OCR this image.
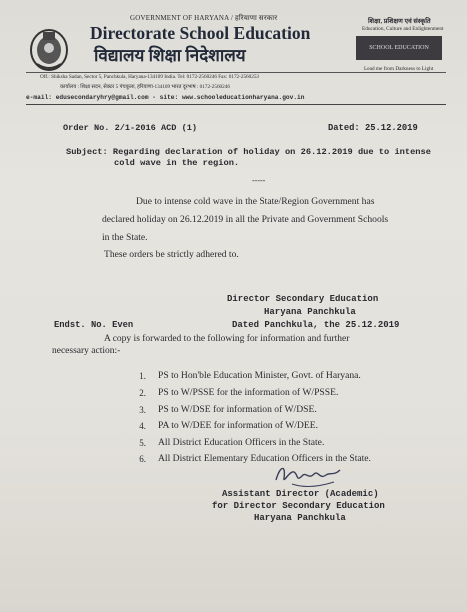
GOVERNMENT OF HARYANA / हरियाणा सरकार
Directorate School Education
विद्यालय शिक्षा निदेशालय
शिक्षा, प्रशिक्षण एवं संस्कृति
Education, Culture and Enlightenment
SCHOOL EDUCATION
Lead me from Darkness to Light
Off.: Shiksha Sadan, Sector 5, Panchkula, Haryana-134109 India. Tel: 0172-2560246 Fax: 0172-2560253
कार्यालय : शिक्षा सदन, सेक्टर 5 पंचकूला, हरियाणा-134109 भारत दूरभाष : 0172-2560246
e-mail: edusecondaryhry@gmail.com - site: www.schooleducationharyana.gov.in
Order No. 2/1-2016 ACD (1)	Dated: 25.12.2019
Subject: Regarding declaration of holiday on 26.12.2019 due to intense
cold wave in the region.
-----
Due to intense cold wave in the State/Region Government has
declared holiday on 26.12.2019 in all the Private and Government Schools
in the State.
These orders be strictly adhered to.
Director Secondary Education
Haryana Panchkula
Dated Panchkula, the 25.12.2019
Endst. No. Even
A copy is forwarded to the following for information and further
necessary action:-
1. PS to Hon'ble Education Minister, Govt. of Haryana.
2. PS to W/PSSE for the information of W/PSSE.
3. PS to W/DSE for information of W/DSE.
4. PA to W/DEE for information of W/DEE.
5. All District Education Officers in the State.
6. All District Elementary Education Officers in the State.
Assistant Director (Academic)
for Director Secondary Education
Haryana Panchkula
